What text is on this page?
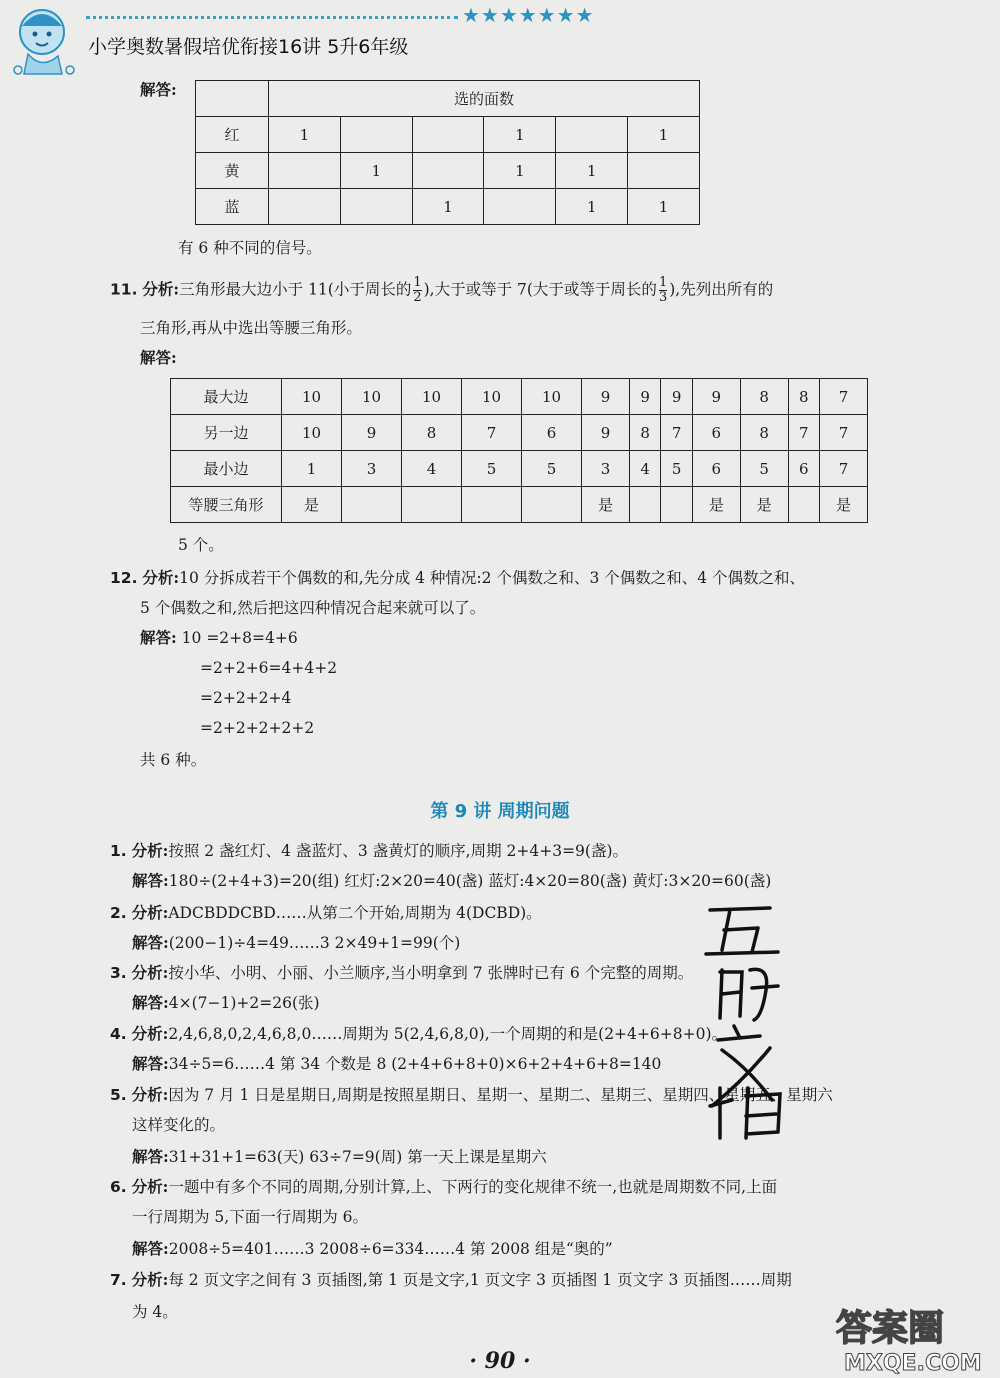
★★★★★★★
小学奥数暑假培优衔接16讲 5升6年级
解答:
		选的面数					
红	1			1		1
黄		1		1	1	
蓝			1		1	1
有 6 种不同的信号。
11. 分析:三角形最大边小于 11(小于周长的 $\frac{1}{2}$ ),大于或等于 7(大于或等于周长的 $\frac{1}{3}$ ),先列出所有的
三角形,再从中选出等腰三角形。
解答:
最大边	10	10	10	10	10	9	9	9	9	8	8	7
另一边	10	9	8	7	6	9	8	7	6	8	7	7
最小边	1	3	4	5	5	3	4	5	6	5	6	7
等腰三角形	是					是			是	是		是
5 个。
12. 分析:10 分拆成若干个偶数的和,先分成 4 种情况:2 个偶数之和、3 个偶数之和、4 个偶数之和、
5 个偶数之和,然后把这四种情况合起来就可以了。
解答: 10 =2+8=4+6
=2+2+6=4+4+2
=2+2+2+4
=2+2+2+2+2
共 6 种。
第 9 讲 周期问题
1. 分析:按照 2 盏红灯、4 盏蓝灯、3 盏黄灯的顺序,周期 2+4+3=9(盏)。
解答:180÷(2+4+3)=20(组) 红灯:2×20=40(盏) 蓝灯:4×20=80(盏) 黄灯:3×20=60(盏)
2. 分析:ADCBDDCBD……从第二个开始,周期为 4(DCBD)。
解答:(200−1)÷4=49……3 2×49+1=99(个)
3. 分析:按小华、小明、小丽、小兰顺序,当小明拿到 7 张牌时已有 6 个完整的周期。
解答:4×(7−1)+2=26(张)
4. 分析:2,4,6,8,0,2,4,6,8,0……周期为 5(2,4,6,8,0),一个周期的和是(2+4+6+8+0)。
解答:34÷5=6……4 第 34 个数是 8 (2+4+6+8+0)×6+2+4+6+8=140
5. 分析:因为 7 月 1 日是星期日,周期是按照星期日、星期一、星期二、星期三、星期四、星期五、星期六
这样变化的。
解答:31+31+1=63(天) 63÷7=9(周) 第一天上课是星期六
6. 分析:一题中有多个不同的周期,分别计算,上、下两行的变化规律不统一,也就是周期数不同,上面
一行周期为 5,下面一行周期为 6。
解答:2008÷5=401……3 2008÷6=334……4 第 2008 组是“奥的”
7. 分析:每 2 页文字之间有 3 页插图,第 1 页是文字,1 页文字 3 页插图 1 页文字 3 页插图……周期
为 4。
· 90 ·
答案圈
MXQE.COM
